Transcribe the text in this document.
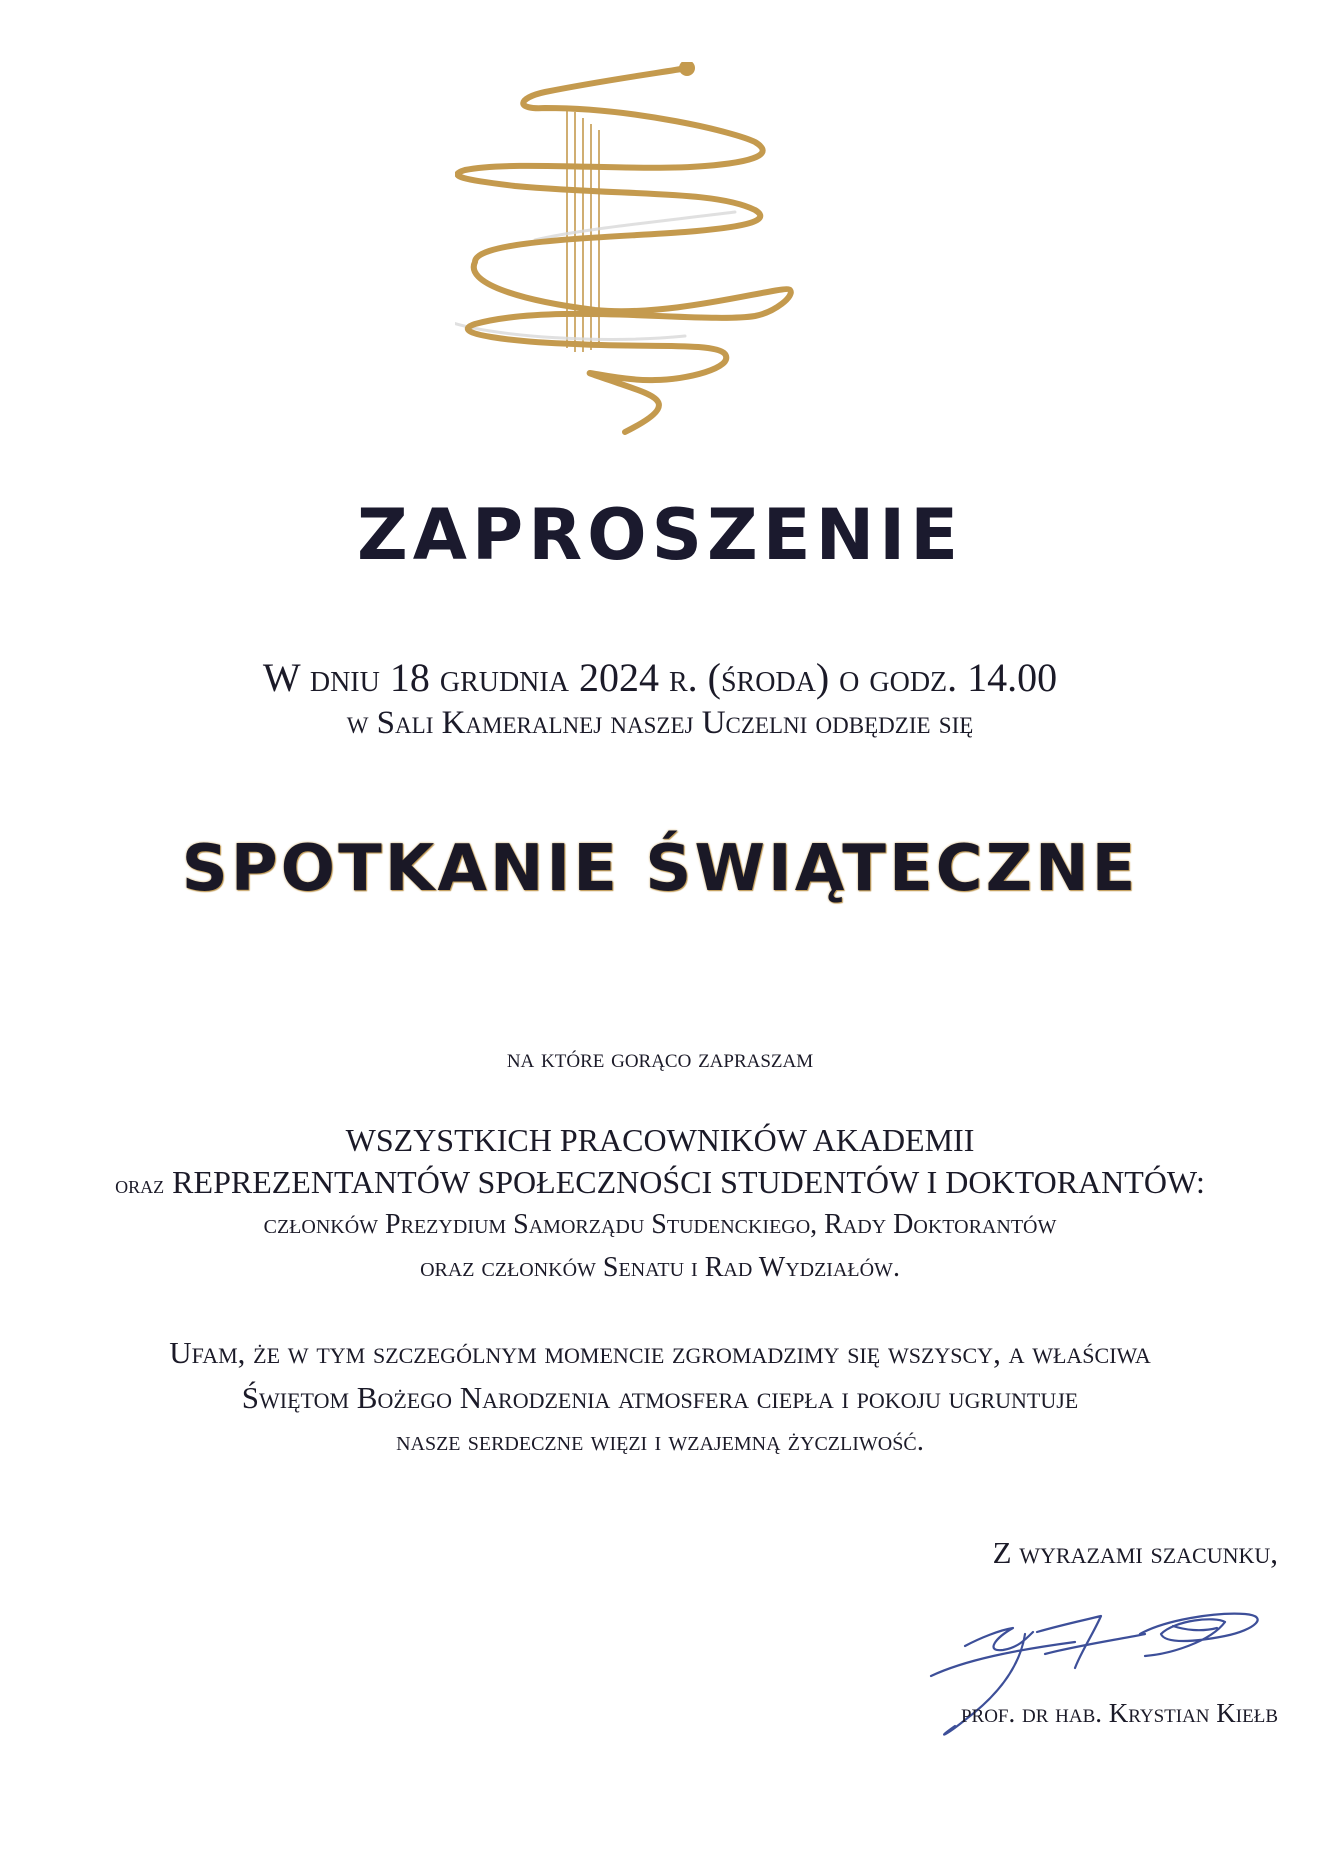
ZAPROSZENIE

W dniu 18 grudnia 2024 r. (środa) o godz. 14.00

w Sali Kameralnej naszej Uczelni odbędzie się

SPOTKANIE ŚWIĄTECZNE

na które gorąco zapraszam

WSZYSTKICH PRACOWNIKÓW AKADEMII

oraz REPREZENTANTÓW SPOŁECZNOŚCI STUDENTÓW I DOKTORANTÓW:

członków Prezydium Samorządu Studenckiego, Rady Doktorantów

oraz członków Senatu i Rad Wydziałów.

Ufam, że w tym szczególnym momencie zgromadzimy się wszyscy, a właściwa

Świętom Bożego Narodzenia atmosfera ciepła i pokoju ugruntuje

nasze serdeczne więzi i wzajemną życzliwość.

Z wyrazami szacunku,

prof. dr hab. Krystian Kiełb
